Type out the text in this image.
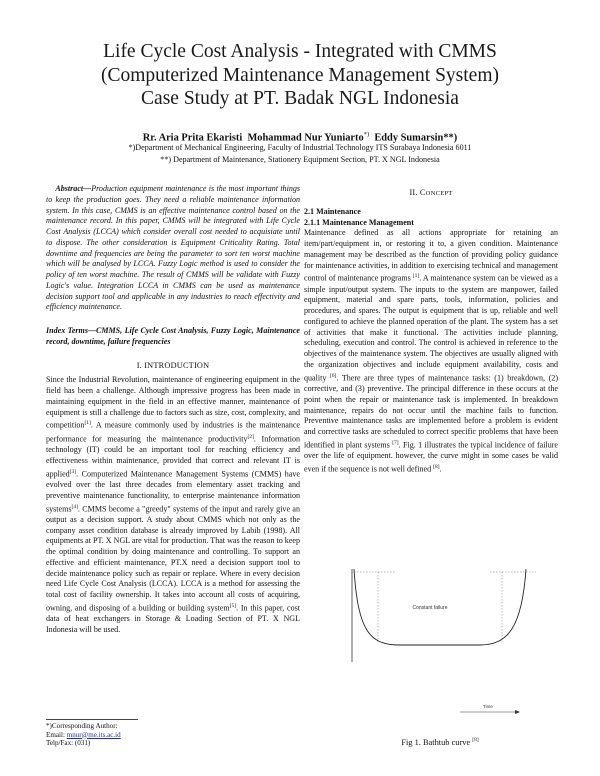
Life Cycle Cost Analysis - Integrated with CMMS
(Computerized Maintenance Management System)
Case Study at PT. Badak NGL Indonesia
Rr. Aria Prita Ekaristi Mohammad Nur Yuniarto*) Eddy Sumarsin**)
*)Department of Mechanical Engineering, Faculty of Industrial Technology ITS Surabaya Indonesia 6011
**) Department of Maintenance, Stationery Equipment Section, PT. X NGL Indonesia

Abstract—Production equipment maintenance is the most important things to keep the production goes. They need a reliable maintenance information system. In this case, CMMS is an effective maintenance control based on the maintenance record. In this paper, CMMS will be integrated with Life Cycle Cost Analysis (LCCA) which consider overall cost needed to acquisiate until to dispose. The other consideration is Equipment Criticality Rating. Total downtime and frequencies are being the parameter to sort ten worst machine which will be analysed by LCCA. Fuzzy Logic method is used to consider the policy of ten worst machine. The result of CMMS will be validate with Fuzzy Logic's value. Integration LCCA in CMMS can be used as maintenance decision support tool and applicable in any industries to reach effectivity and efficiency maintenance.

Index Terms—CMMS, Life Cycle Cost Analysis, Fuzzy Logic, Maintenance record, downtime, failure frequencies

I. INTRODUCTION

Since the Industrial Revolution, maintenance of engineering equipment in the field has been a challenge. Although impressive progress has been made in maintaining equipment in the field in an effective manner, maintenance of equipment is still a challenge due to factors such as size, cost, complexity, and competition[1]. A measure commonly used by industries is the maintenance performance for measuring the maintenance productivity[2]. Information technology (IT) could be an important tool for reaching efficiency and effectiveness within maintenance, provided that correct and relevant IT is applied[3]. Computerized Maintenance Management Systems (CMMS) have evolved over the last three decades from elementary asset tracking and preventive maintenance functionality, to enterprise maintenance information systems[4]. CMMS become a "greedy" systems of the input and rarely give an output as a decision support. A study about CMMS which not only as the company asset condition database is already improved by Labib (1998). All equipments at PT. X NGL are vital for production. That was the reason to keep the optimal condition by doing maintenance and controlling. To support an effective and efficient maintenance, PT.X need a decision support tool to decide maintenance policy such as repair or replace. Where in every decision need Life Cycle Cost Analysis (LCCA). LCCA is a method for assessing the total cost of facility ownership. It takes into account all costs of acquiring, owning, and disposing of a building or building system[5]. In this paper, cost data of heat exchangers in Storage & Loading Section of PT. X NGL Indonesia will be used.

*)Corresponding Author:
Email: mnur@me.its.ac.id
Telp/Fax: (031)
II. CONCEPT
2.1 Maintenance
2.1.1 Maintenance Management

Maintenance defined as all actions appropriate for retaining an item/part/equipment in, or restoring it to, a given condition. Maintenance management may be described as the function of providing policy guidance for maintenance activities, in addition to exercising technical and management control of maintenance programs [1]. A maintenance system can be viewed as a simple input/output system. The inputs to the system are manpower, failed equipment, material and spare parts, tools, information, policies and procedures, and spares. The output is equipment that is up, reliable and well configured to achieve the planned operation of the plant. The system has a set of activities that make it functional. The activities include planning, scheduling, execution and control. The control is achieved in reference to the objectives of the maintenance system. The objectives are usually aligned with the organization objectives and include equipment availability, costs and quality [6]. There are three types of maintenance tasks: (1) breakdown, (2) corrective, and (3) preventive. The principal difference in these occurs at the point when the repair or maintenance task is implemented. In breakdown maintenance, repairs do not occur until the machine fails to function. Preventive maintenance tasks are implemented before a problem is evident and corrective tasks are scheduled to correct specific problems that have been identified in plant systems [7]. Fig. 1 illustrates the typical incidence of failure over the life of equipment. however, the curve might in some cases be valid even if the sequence is not well defined [8].

Constant failure
Time
Fig 1. Bathtub curve [8]
